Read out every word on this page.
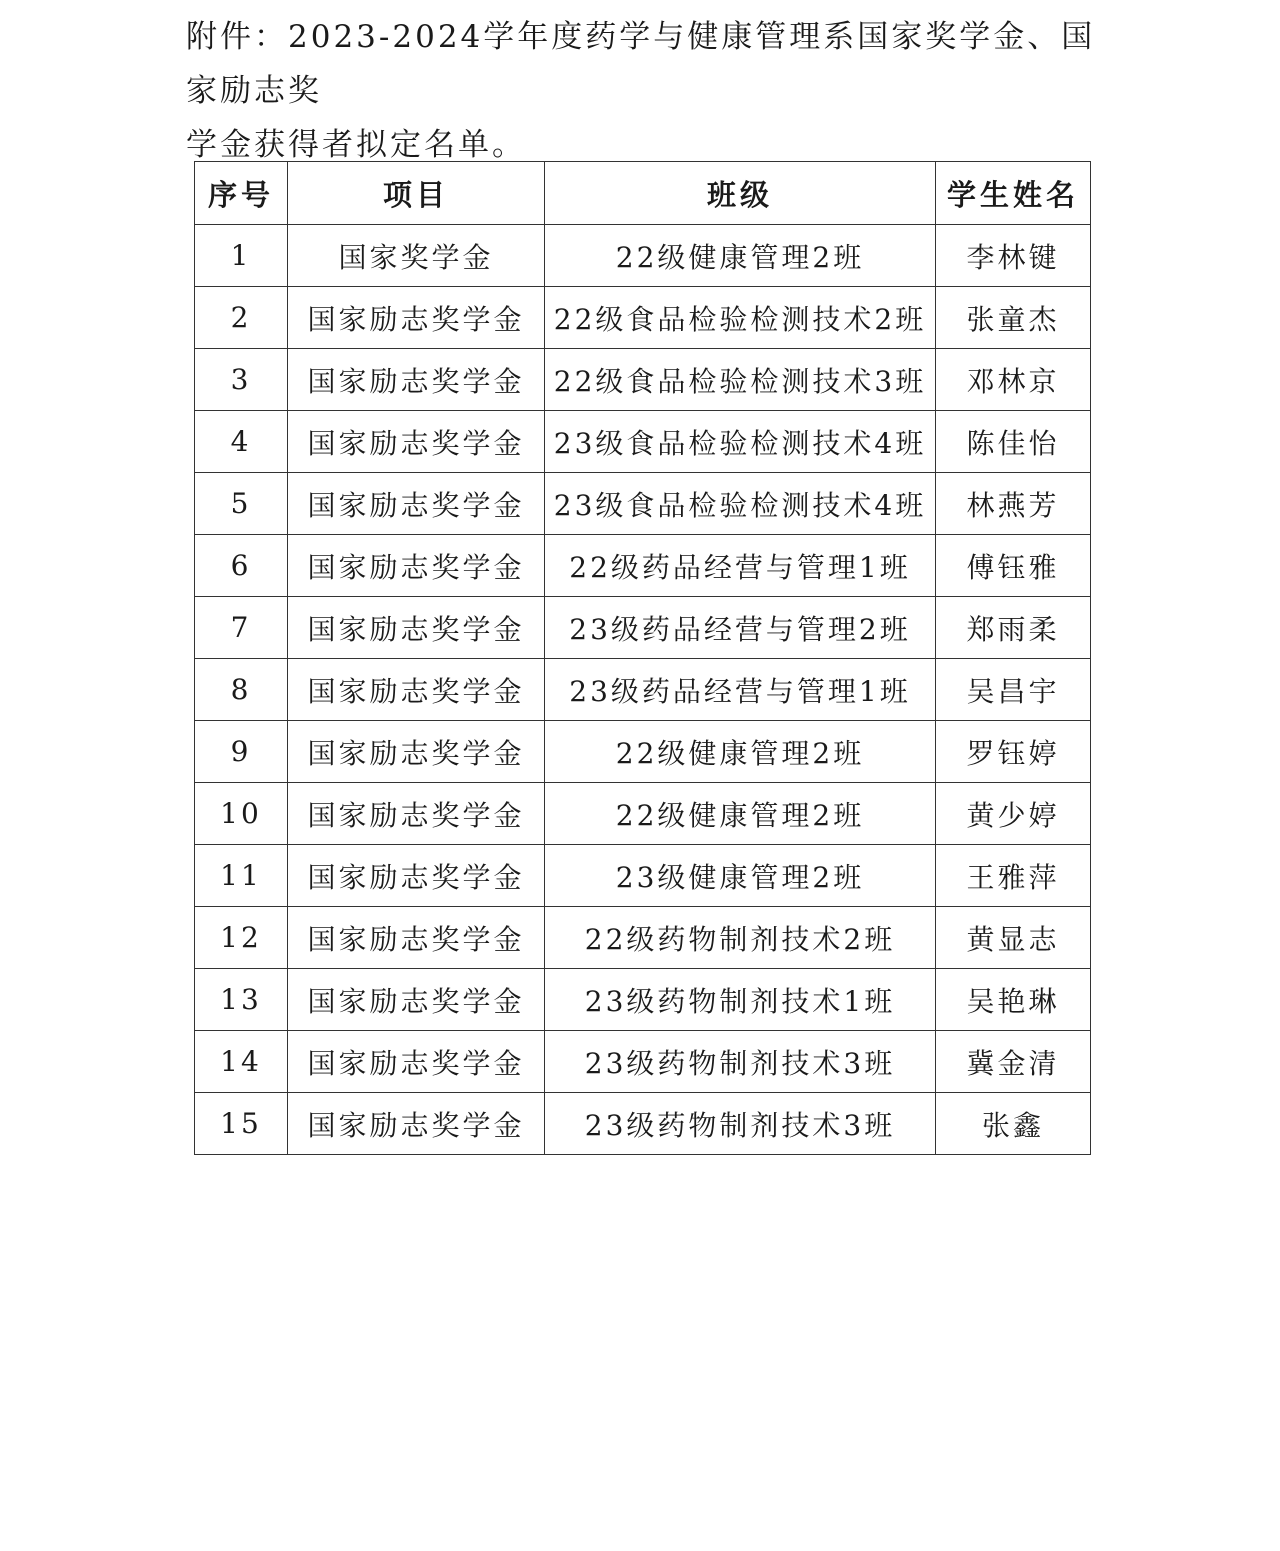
附件：2023-2024学年度药学与健康管理系国家奖学金、国家励志奖

学金获得者拟定名单。

序号	项目	班级	学生姓名
1	国家奖学金	22级健康管理2班	李林键
2	国家励志奖学金	22级食品检验检测技术2班	张童杰
3	国家励志奖学金	22级食品检验检测技术3班	邓林京
4	国家励志奖学金	23级食品检验检测技术4班	陈佳怡
5	国家励志奖学金	23级食品检验检测技术4班	林燕芳
6	国家励志奖学金	22级药品经营与管理1班	傅钰雅
7	国家励志奖学金	23级药品经营与管理2班	郑雨柔
8	国家励志奖学金	23级药品经营与管理1班	吴昌宇
9	国家励志奖学金	22级健康管理2班	罗钰婷
10	国家励志奖学金	22级健康管理2班	黄少婷
11	国家励志奖学金	23级健康管理2班	王雅萍
12	国家励志奖学金	22级药物制剂技术2班	黄显志
13	国家励志奖学金	23级药物制剂技术1班	吴艳琳
14	国家励志奖学金	23级药物制剂技术3班	冀金清
15	国家励志奖学金	23级药物制剂技术3班	张鑫
